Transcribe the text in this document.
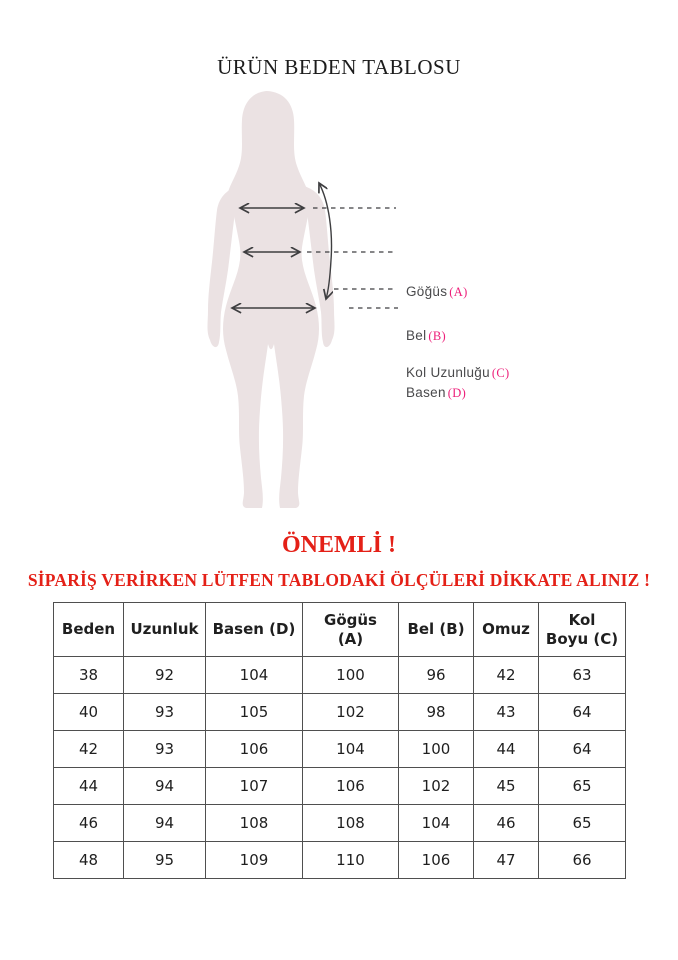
ÜRÜN BEDEN TABLOSU
Göğüs (A)
Bel (B)
Kol Uzunluğu (C)
Basen (D)
ÖNEMLİ !
SİPARİŞ VERİRKEN LÜTFEN TABLODAKİ ÖLÇÜLERİ DİKKATE ALINIZ !
Beden	Uzunluk	Basen (D)	Gögüs (A)	Bel (B)	Omuz	Kol Boyu (C)
38	92	104	100	96	42	63
40	93	105	102	98	43	64
42	93	106	104	100	44	64
44	94	107	106	102	45	65
46	94	108	108	104	46	65
48	95	109	110	106	47	66
